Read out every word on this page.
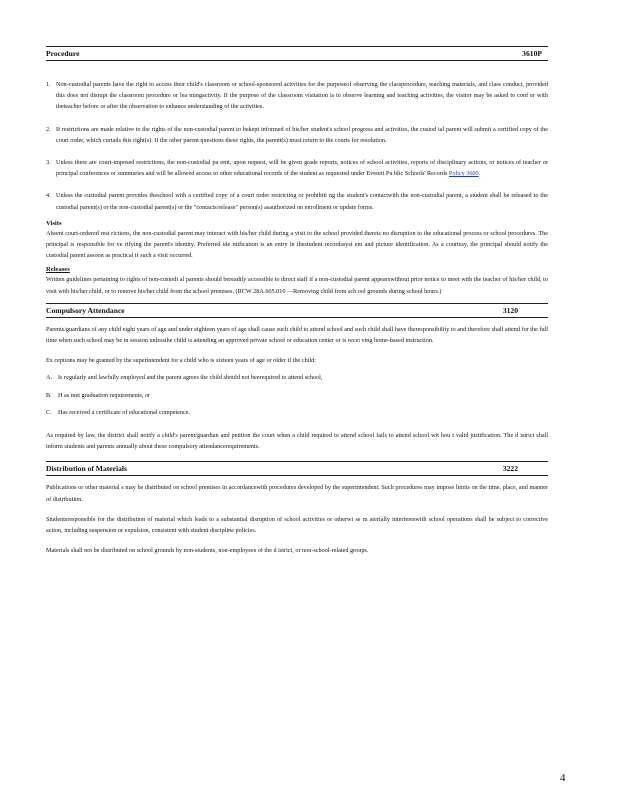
Procedure	3610P
1. Non-custodial parents have the right to access their child's classroom or school-sponsored activities for the purposeof observing the classprocedure, teaching materials, and class conduct, provided this does not disrupt the classroom procedure or lea mingactivity. If the purpose of the classroom visitation is to observe learning and teaching activities, the visitor may be asked to conf er with theteacher before or after the observation to enhance understanding of the activities.
2. If restrictions are made relative to the rights of the non-custodial parent to bekept informed of his/her student's school progress and activities, the custod ial parent will submit a certified copy of the court order, which curtails this right(s). If the other parent questions these rights, the parent(s) must return to the courts for resolution.
3. Unless there are court-imposed restrictions, the non-custodial pa rent, upon request, will be given grade reports, notices of school activities, reports of disciplinary actions, or notices of teacher or principal conferences or summaries and will be allowed access to other educational records of the student as requested under Everett Pu blic Schools' Records Policy 3600.
4. Unless the custodial parent provides theschool with a certified copy of a court order restricting or prohibiti ng the student's contactwith the non-custodial parent, a student shall be released to the custodial parent(s) or the non-custodial parent(s) or the "contacts/release" person(s) asauthorized on enrollment or update forms.
Visits

Absent court-ordered rest rictions, the non-custodial parent may interact with his/her child during a visit to the school provided thereis no disruption to the educational process or school procedures. The principal is responsible for ve rifying the parent's identity. Preferred ide ntification is an entry in thestudent recordssyst em and picture identification. As a courtesy, the principal should notify the custodial parent assoon as practical if such a visit occurred.

Releases

Written guidelines pertaining to rights of non-custodi al parents should bereadily accessible to direct staff if a non-custodial parent appearswithout prior notice to meet with the teacher of his/her child, to visit with his/her child, or to remove his/her child from the school premises. (RCW 28A.605.010 —Removing child from sch ool grounds during school hours.)

Compulsory Attendance	3120

Parents/guardians of any child eight years of age and under eighteen years of age shall cause such child to attend school and such child shall have theresponsibility to and therefore shall attend for the full time when such school may be in session unlessthe child is attending an approved private school or education center or is recei ving home-based instruction.

Ex ceptions may be granted by the superintendent for a child who is sixteen years of age or older if the child:

A. Is regularly and lawfully employed and the parent agrees the child should not beerequired to attend school,
B.	H as met graduation requirements, or
C.	Has received a certificate of educational competence.

As required by law, the district shall notify a child's parent/guardian and petition the court when a child required to attend school fails to attend school wit hou t valid justification. The d istrict shall inform students and parents annually about these compulsory attendancerequirements.

Distribution of Materials	3222

Publications or other material s may be distributed on school premises in accordancewith procedures developed by the superintendent. Such procedures may impose limits on the time, place, and manner of distribution.

Studentsresponsible for the distribution of material which leads to a substantial disruption of school activities or otherwi se m aterially interfereswith school operations shall be subject to corrective action, including suspension or expulsion, consistent with student discipline policies.

Materials shall not be distributed on school grounds by non-students, non-employees of the d istrict, or non-school-related groups.

4
